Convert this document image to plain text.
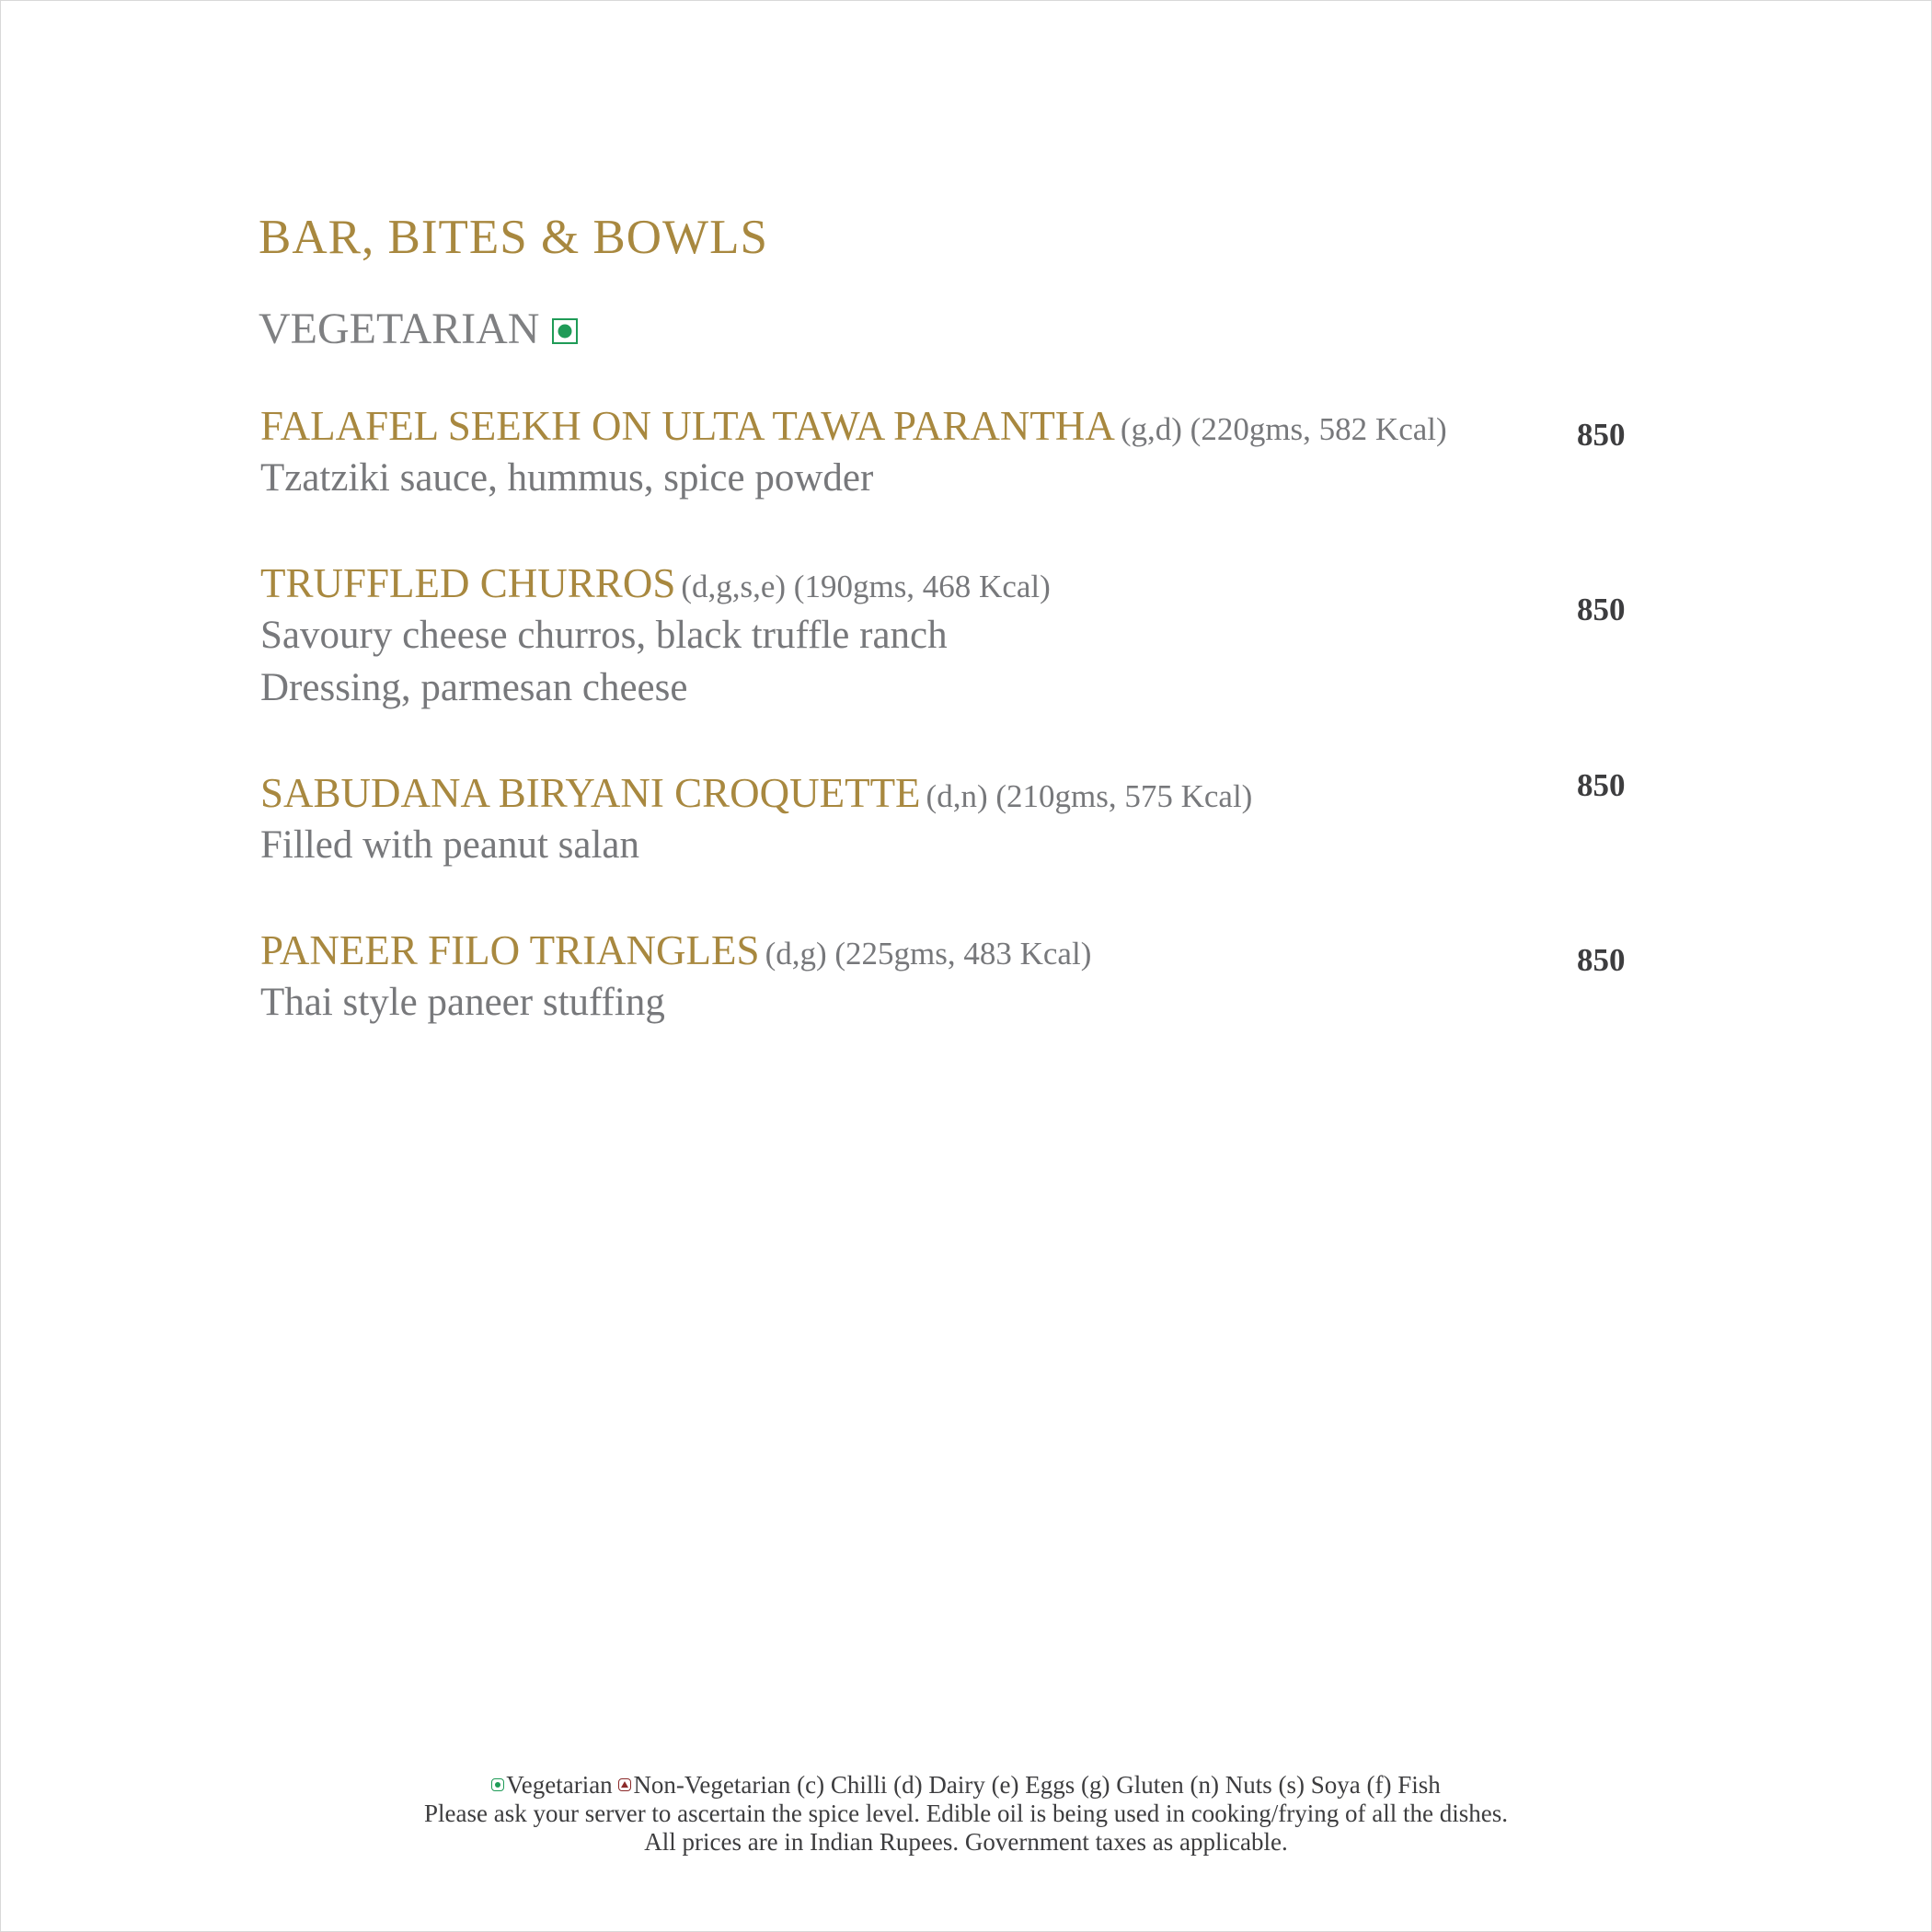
BAR, BITES & BOWLS
VEGETARIAN
FALAFEL SEEKH ON ULTA TAWA PARANTHA (g,d) (220gms, 582 Kcal)
Tzatziki sauce, hummus, spice powder
850
TRUFFLED CHURROS (d,g,s,e) (190gms, 468 Kcal)
Savoury cheese churros, black truffle ranch
Dressing, parmesan cheese
850
SABUDANA BIRYANI CROQUETTE (d,n) (210gms, 575 Kcal)
Filled with peanut salan
850
PANEER FILO TRIANGLES (d,g) (225gms, 483 Kcal)
Thai style paneer stuffing
850
Vegetarian
Non-Vegetarian
(c) Chilli (d) Dairy (e) Eggs (g) Gluten (n) Nuts (s) Soya (f) Fish
Please ask your server to ascertain the spice level. Edible oil is being used in cooking/frying of all the dishes.
All prices are in Indian Rupees. Government taxes as applicable.
